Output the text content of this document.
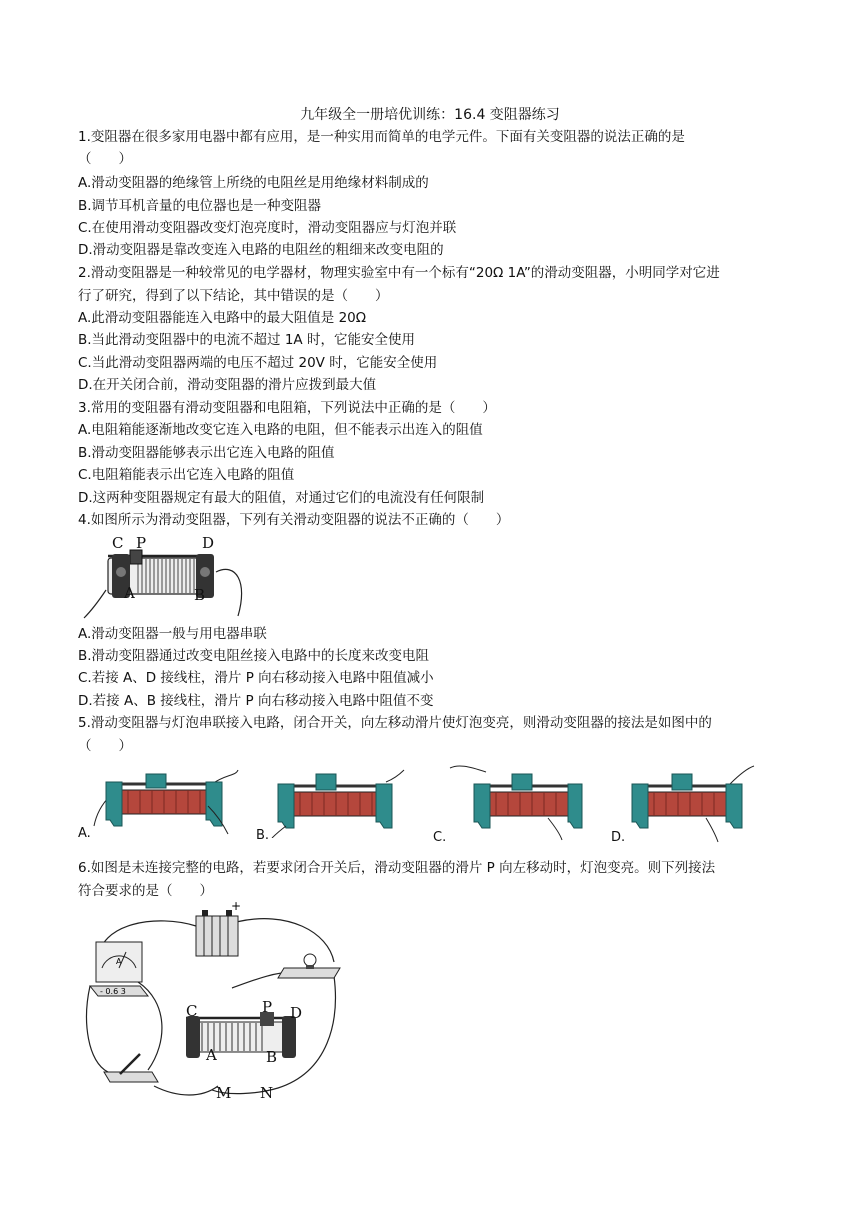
九年级全一册培优训练：16.4 变阻器练习
1.变阻器在很多家用电器中都有应用，是一种实用而简单的电学元件。下面有关变阻器的说法正确的是
（　　）
A.滑动变阻器的绝缘管上所绕的电阻丝是用绝缘材料制成的
B.调节耳机音量的电位器也是一种变阻器
C.在使用滑动变阻器改变灯泡亮度时，滑动变阻器应与灯泡并联
D.滑动变阻器是靠改变连入电路的电阻丝的粗细来改变电阻的
2.滑动变阻器是一种较常见的电学器材，物理实验室中有一个标有“20Ω 1A”的滑动变阻器，小明同学对它进
行了研究，得到了以下结论，其中错误的是（　　）
A.此滑动变阻器能连入电路中的最大阻值是 20Ω
B.当此滑动变阻器中的电流不超过 1A 时，它能安全使用
C.当此滑动变阻器两端的电压不超过 20V 时，它能安全使用
D.在开关闭合前，滑动变阻器的滑片应拨到最大值
3.常用的变阻器有滑动变阻器和电阻箱，下列说法中正确的是（　　）
A.电阻箱能逐渐地改变它连入电路的电阻，但不能表示出连入的阻值
B.滑动变阻器能够表示出它连入电路的阻值
C.电阻箱能表示出它连入电路的阻值
D.这两种变阻器规定有最大的阻值，对通过它们的电流没有任何限制
4.如图所示为滑动变阻器，下列有关滑动变阻器的说法不正确的（　　）
C P	D
A	B
A.滑动变阻器一般与用电器串联
B.滑动变阻器通过改变电阻丝接入电路中的长度来改变电阻
C.若接 A、D 接线柱，滑片 P 向右移动接入电路中阻值减小
D.若接 A、B 接线柱，滑片 P 向右移动接入电路中阻值不变
5.滑动变阻器与灯泡串联接入电路，闭合开关，向左移动滑片使灯泡变亮，则滑动变阻器的接法是如图中的
（　　）
A.	B.	C.	D.
6.如图是未连接完整的电路，若要求闭合开关后，滑动变阻器的滑片 P 向左移动时，灯泡变亮。则下列接法
符合要求的是（　　）
+
A
- 0.6 3
C	P D
A	B
M N
